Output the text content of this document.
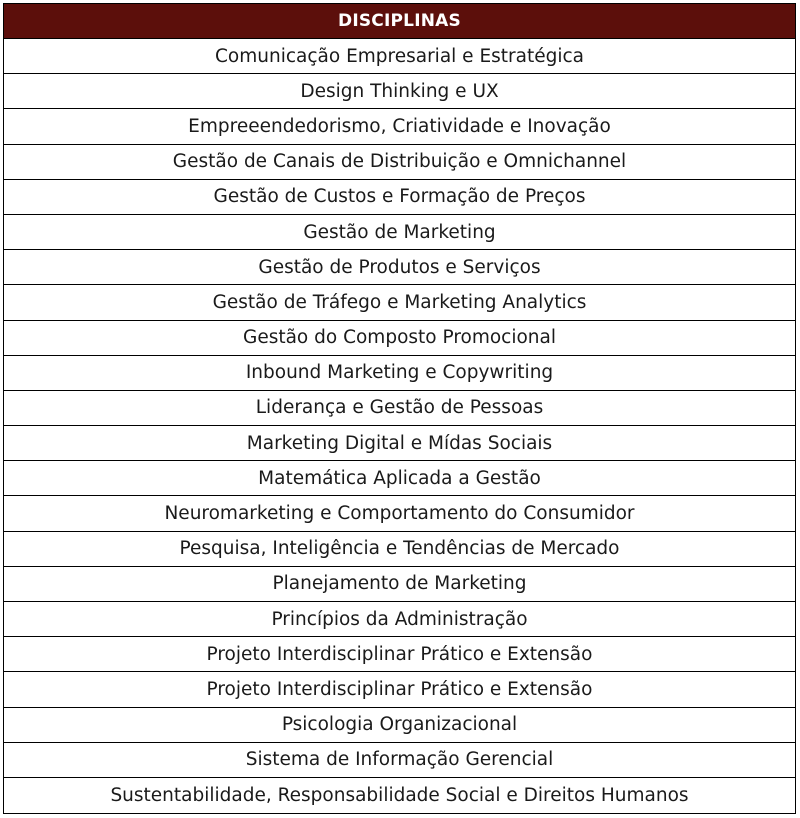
DISCIPLINAS
Comunicação Empresarial e Estratégica
Design Thinking e UX
Empreeendedorismo, Criatividade e Inovação
Gestão de Canais de Distribuição e Omnichannel
Gestão de Custos e Formação de Preços
Gestão de Marketing
Gestão de Produtos e Serviços
Gestão de Tráfego e Marketing Analytics
Gestão do Composto Promocional
Inbound Marketing e Copywriting
Liderança e Gestão de Pessoas
Marketing Digital e Mídas Sociais
Matemática Aplicada a Gestão
Neuromarketing e Comportamento do Consumidor
Pesquisa, Inteligência e Tendências de Mercado
Planejamento de Marketing
Princípios da Administração
Projeto Interdisciplinar Prático e Extensão
Projeto Interdisciplinar Prático e Extensão
Psicologia Organizacional
Sistema de Informação Gerencial
Sustentabilidade, Responsabilidade Social e Direitos Humanos
